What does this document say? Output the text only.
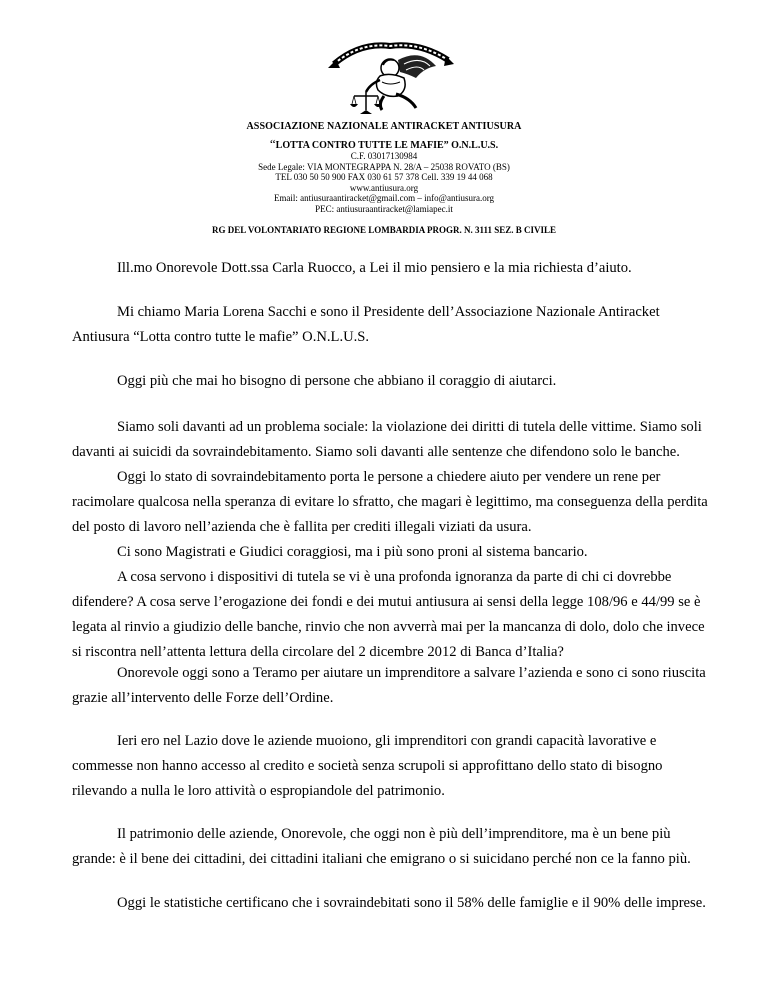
ASSOCIAZIONE NAZIONALE ANTIRACKET ANTIUSURA
“LOTTA CONTRO TUTTE LE MAFIE” O.N.L.U.S.
C.F. 03017130984
Sede Legale: VIA MONTEGRAPPA N. 28/A – 25038 ROVATO (BS)
TEL 030 50 50 900 FAX 030 61 57 378 Cell. 339 19 44 068
www.antiusura.org
Email: antiusuraantiracket@gmail.com – info@antiusura.org
PEC: antiusuraantiracket@lamiapec.it
RG DEL VOLONTARIATO REGIONE LOMBARDIA PROGR. N. 3111 SEZ. B CIVILE

Ill.mo Onorevole Dott.ssa Carla Ruocco, a Lei il mio pensiero e la mia richiesta d’aiuto.

Mi chiamo Maria Lorena Sacchi e sono il Presidente dell’Associazione Nazionale Antiracket Antiusura “Lotta contro tutte le mafie” O.N.L.U.S.

Oggi più che mai ho bisogno di persone che abbiano il coraggio di aiutarci.

Siamo soli davanti ad un problema sociale: la violazione dei diritti di tutela delle vittime. Siamo soli davanti ai suicidi da sovraindebitamento. Siamo soli davanti alle sentenze che difendono solo le banche.

Oggi lo stato di sovraindebitamento porta le persone a chiedere aiuto per vendere un rene per racimolare qualcosa nella speranza di evitare lo sfratto, che magari è legittimo, ma conseguenza della perdita del posto di lavoro nell’azienda che è fallita per crediti illegali viziati da usura.

Ci sono Magistrati e Giudici coraggiosi, ma i più sono proni al sistema bancario.

A cosa servono i dispositivi di tutela se vi è una profonda ignoranza da parte di chi ci dovrebbe difendere? A cosa serve l’erogazione dei fondi e dei mutui antiusura ai sensi della legge 108/96 e 44/99 se è legata al rinvio a giudizio delle banche, rinvio che non avverrà mai per la mancanza di dolo, dolo che invece si riscontra nell’attenta lettura della circolare del 2 dicembre 2012 di Banca d’Italia?

Onorevole oggi sono a Teramo per aiutare un imprenditore a salvare l’azienda e sono ci sono riuscita grazie all’intervento delle Forze dell’Ordine.

Ieri ero nel Lazio dove le aziende muoiono, gli imprenditori con grandi capacità lavorative e commesse non hanno accesso al credito e società senza scrupoli si approfittano dello stato di bisogno rilevando a nulla le loro attività o espropiandole del patrimonio.

Il patrimonio delle aziende, Onorevole, che oggi non è più dell’imprenditore, ma è un bene più grande: è il bene dei cittadini, dei cittadini italiani che emigrano o si suicidano perché non ce la fanno più.

Oggi le statistiche certificano che i sovraindebitati sono il 58% delle famiglie e il 90% delle imprese.
